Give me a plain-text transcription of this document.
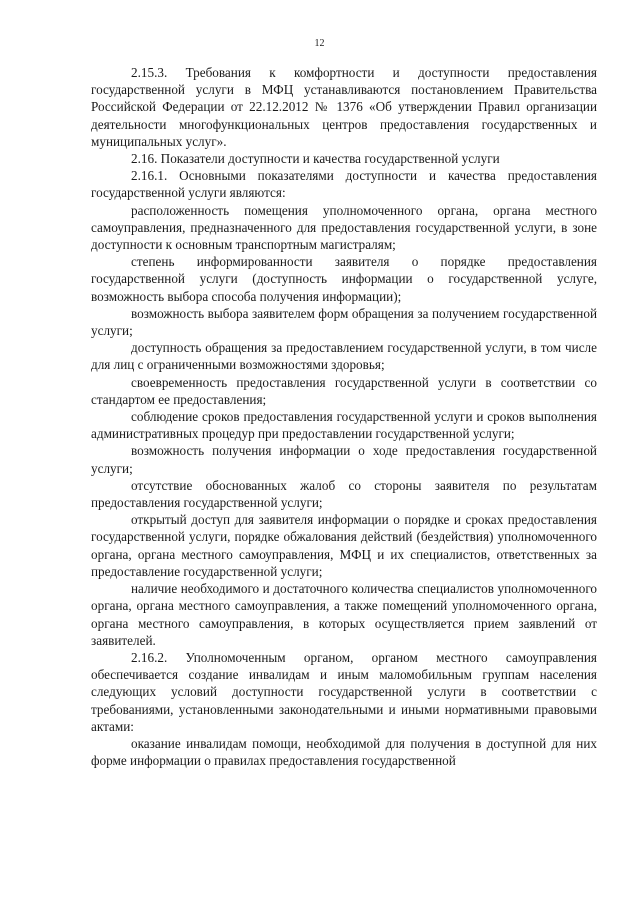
12

2.15.3. Требования к комфортности и доступности предоставления государственной услуги в МФЦ устанавливаются постановлением Правительства Российской Федерации от 22.12.2012 № 1376 «Об утверждении Правил организации деятельности многофункциональных центров предоставления государственных и муниципальных услуг».

2.16. Показатели доступности и качества государственной услуги

2.16.1. Основными показателями доступности и качества предоставления государственной услуги являются:

расположенность помещения уполномоченного органа, органа местного самоуправления, предназначенного для предоставления государственной услуги, в зоне доступности к основным транспортным магистралям;

степень информированности заявителя о порядке предоставления государственной услуги (доступность информации о государственной услуге, возможность выбора способа получения информации);

возможность выбора заявителем форм обращения за получением государственной услуги;

доступность обращения за предоставлением государственной услуги, в том числе для лиц с ограниченными возможностями здоровья;

своевременность предоставления государственной услуги в соответствии со стандартом ее предоставления;

соблюдение сроков предоставления государственной услуги и сроков выполнения административных процедур при предоставлении государственной услуги;

возможность получения информации о ходе предоставления государственной услуги;

отсутствие обоснованных жалоб со стороны заявителя по результатам предоставления государственной услуги;

открытый доступ для заявителя информации о порядке и сроках предоставления государственной услуги, порядке обжалования действий (бездействия) уполномоченного органа, органа местного самоуправления, МФЦ и их специалистов, ответственных за предоставление государственной услуги;

наличие необходимого и достаточного количества специалистов уполномоченного органа, органа местного самоуправления, а также помещений уполномоченного органа, органа местного самоуправления, в которых осуществляется прием заявлений от заявителей.

2.16.2. Уполномоченным органом, органом местного самоуправления обеспечивается создание инвалидам и иным маломобильным группам населения следующих условий доступности государственной услуги в соответствии с требованиями, установленными законодательными и иными нормативными правовыми актами:

оказание инвалидам помощи, необходимой для получения в доступной для них форме информации о правилах предоставления государственной
